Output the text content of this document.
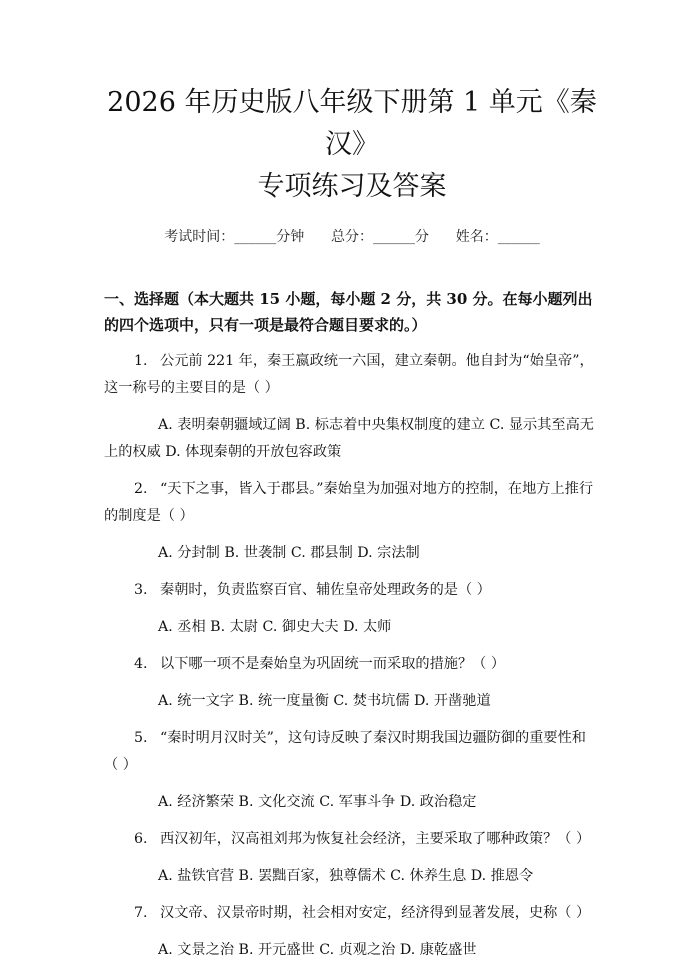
2026 年历史版八年级下册第 1 单元《秦汉》
专项练习及答案
考试时间：______分钟      总分：______分      姓名：______
一、选择题（本大题共 15 小题，每小题 2 分，共 30 分。在每小题列出的四个选项中，只有一项是最符合题目要求的。）
1. 公元前 221 年，秦王嬴政统一六国，建立秦朝。他自封为“始皇帝”，这一称号的主要目的是（ ）
A. 表明秦朝疆域辽阔 B. 标志着中央集权制度的建立 C. 显示其至高无上的权威 D. 体现秦朝的开放包容政策
2. “天下之事，皆入于郡县。”秦始皇为加强对地方的控制，在地方上推行的制度是（ ）
A. 分封制 B. 世袭制 C. 郡县制 D. 宗法制
3. 秦朝时，负责监察百官、辅佐皇帝处理政务的是（ ）
A. 丞相 B. 太尉 C. 御史大夫 D. 太师
4. 以下哪一项不是秦始皇为巩固统一而采取的措施？（ ）
A. 统一文字 B. 统一度量衡 C. 焚书坑儒 D. 开凿驰道
5. “秦时明月汉时关”，这句诗反映了秦汉时期我国边疆防御的重要性和（ ）
A. 经济繁荣 B. 文化交流 C. 军事斗争 D. 政治稳定
6. 西汉初年，汉高祖刘邦为恢复社会经济，主要采取了哪种政策？（ ）
A. 盐铁官营 B. 罢黜百家，独尊儒术 C. 休养生息 D. 推恩令
7. 汉文帝、汉景帝时期，社会相对安定，经济得到显著发展，史称（ ）
A. 文景之治 B. 开元盛世 C. 贞观之治 D. 康乾盛世
